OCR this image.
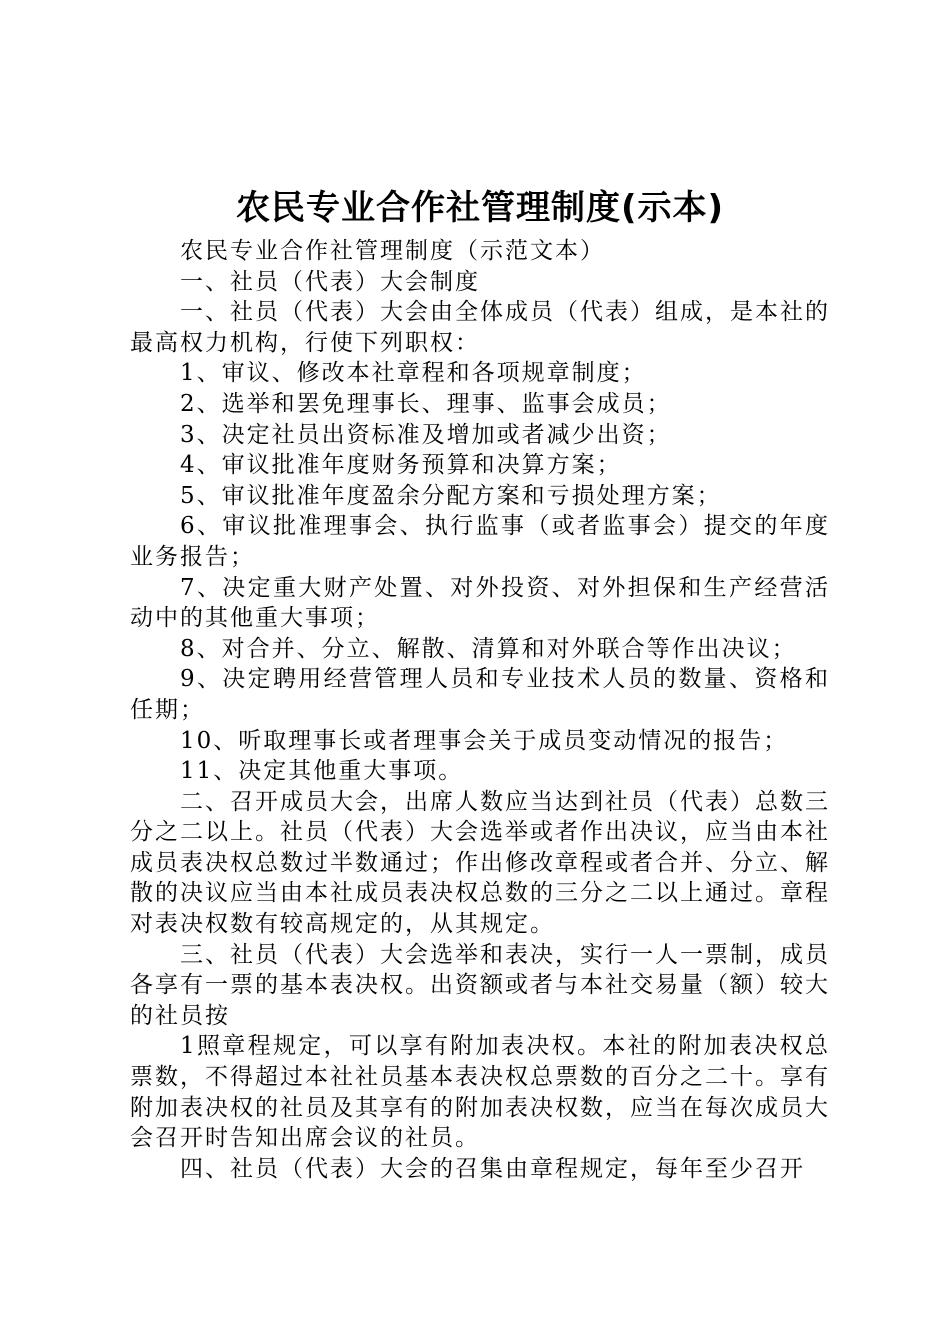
农民专业合作社管理制度(示本)

农民专业合作社管理制度（示范文本）

一、社员（代表）大会制度

一、社员（代表）大会由全体成员（代表）组成，是本社的最高权力机构，行使下列职权：

1、审议、修改本社章程和各项规章制度；

2、选举和罢免理事长、理事、监事会成员；

3、决定社员出资标准及增加或者减少出资；

4、审议批准年度财务预算和决算方案；

5、审议批准年度盈余分配方案和亏损处理方案；

6、审议批准理事会、执行监事（或者监事会）提交的年度业务报告；

7、决定重大财产处置、对外投资、对外担保和生产经营活动中的其他重大事项；

8、对合并、分立、解散、清算和对外联合等作出决议；

9、决定聘用经营管理人员和专业技术人员的数量、资格和任期；

10、听取理事长或者理事会关于成员变动情况的报告；

11、决定其他重大事项。

二、召开成员大会，出席人数应当达到社员（代表）总数三分之二以上。社员（代表）大会选举或者作出决议，应当由本社成员表决权总数过半数通过；作出修改章程或者合并、分立、解散的决议应当由本社成员表决权总数的三分之二以上通过。章程对表决权数有较高规定的，从其规定。

三、社员（代表）大会选举和表决，实行一人一票制，成员各享有一票的基本表决权。出资额或者与本社交易量（额）较大的社员按

1照章程规定，可以享有附加表决权。本社的附加表决权总票数，不得超过本社社员基本表决权总票数的百分之二十。享有附加表决权的社员及其享有的附加表决权数，应当在每次成员大会召开时告知出席会议的社员。

四、社员（代表）大会的召集由章程规定，每年至少召开
